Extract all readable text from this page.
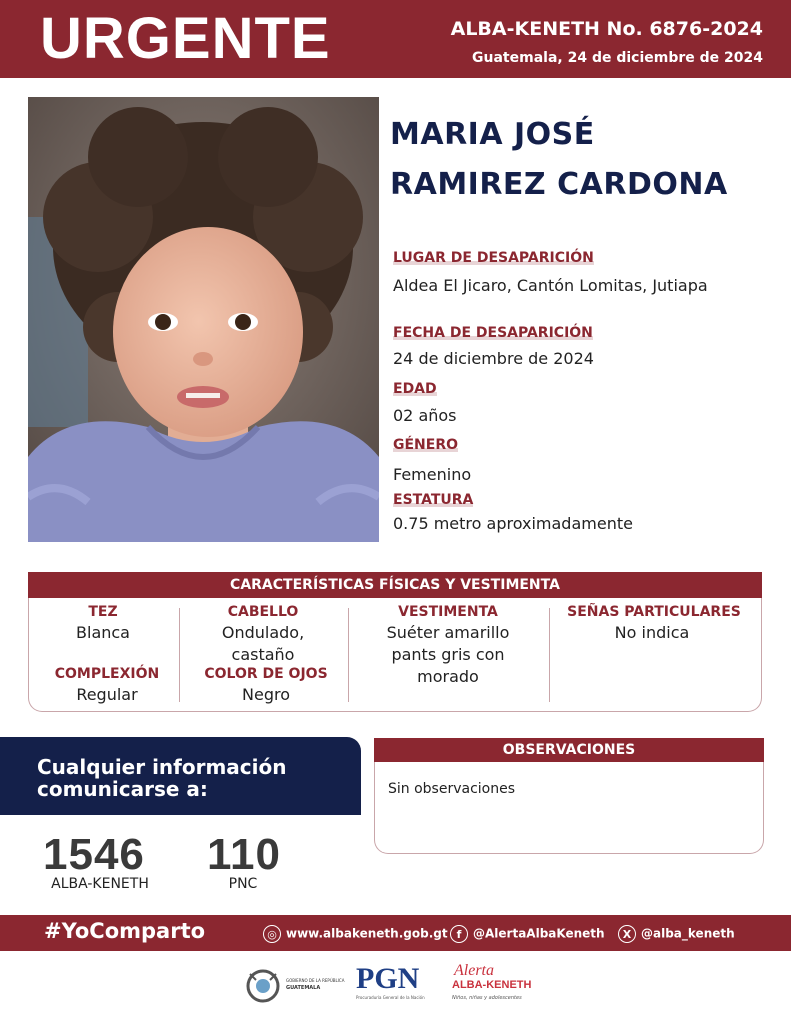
URGENTE	ALBA-KENETH No. 6876-2024
Guatemala, 24 de diciembre de 2024
MARIA JOSÉ
RAMIREZ CARDONA
LUGAR DE DESAPARICIÓN
Aldea El Jicaro, Cantón Lomitas, Jutiapa
FECHA DE DESAPARICIÓN
24 de diciembre de 2024
EDAD
02 años
GÉNERO
Femenino
ESTATURA
0.75 metro aproximadamente
CARACTERÍSTICAS FÍSICAS Y VESTIMENTA
TEZ
Blanca
COMPLEXIÓN
Regular
CABELLO
Ondulado,
castaño
COLOR DE OJOS
Negro
VESTIMENTA
Suéter amarillo
pants gris con
morado
SEÑAS PARTICULARES
No indica
Cualquier información
comunicarse a:
1546
ALBA-KENETH
110
PNC
OBSERVACIONES
Sin observaciones
#YoComparto	◎ www.albakeneth.gob.gt f @AlertaAlbaKeneth	X @alba_keneth
GOBIERNO DE LA REPÚBLICA
GUATEMALA PGN
Procuraduría General de la Nación
Alerta
ALBA-KENETH
Niños, niñas y adolescentes
